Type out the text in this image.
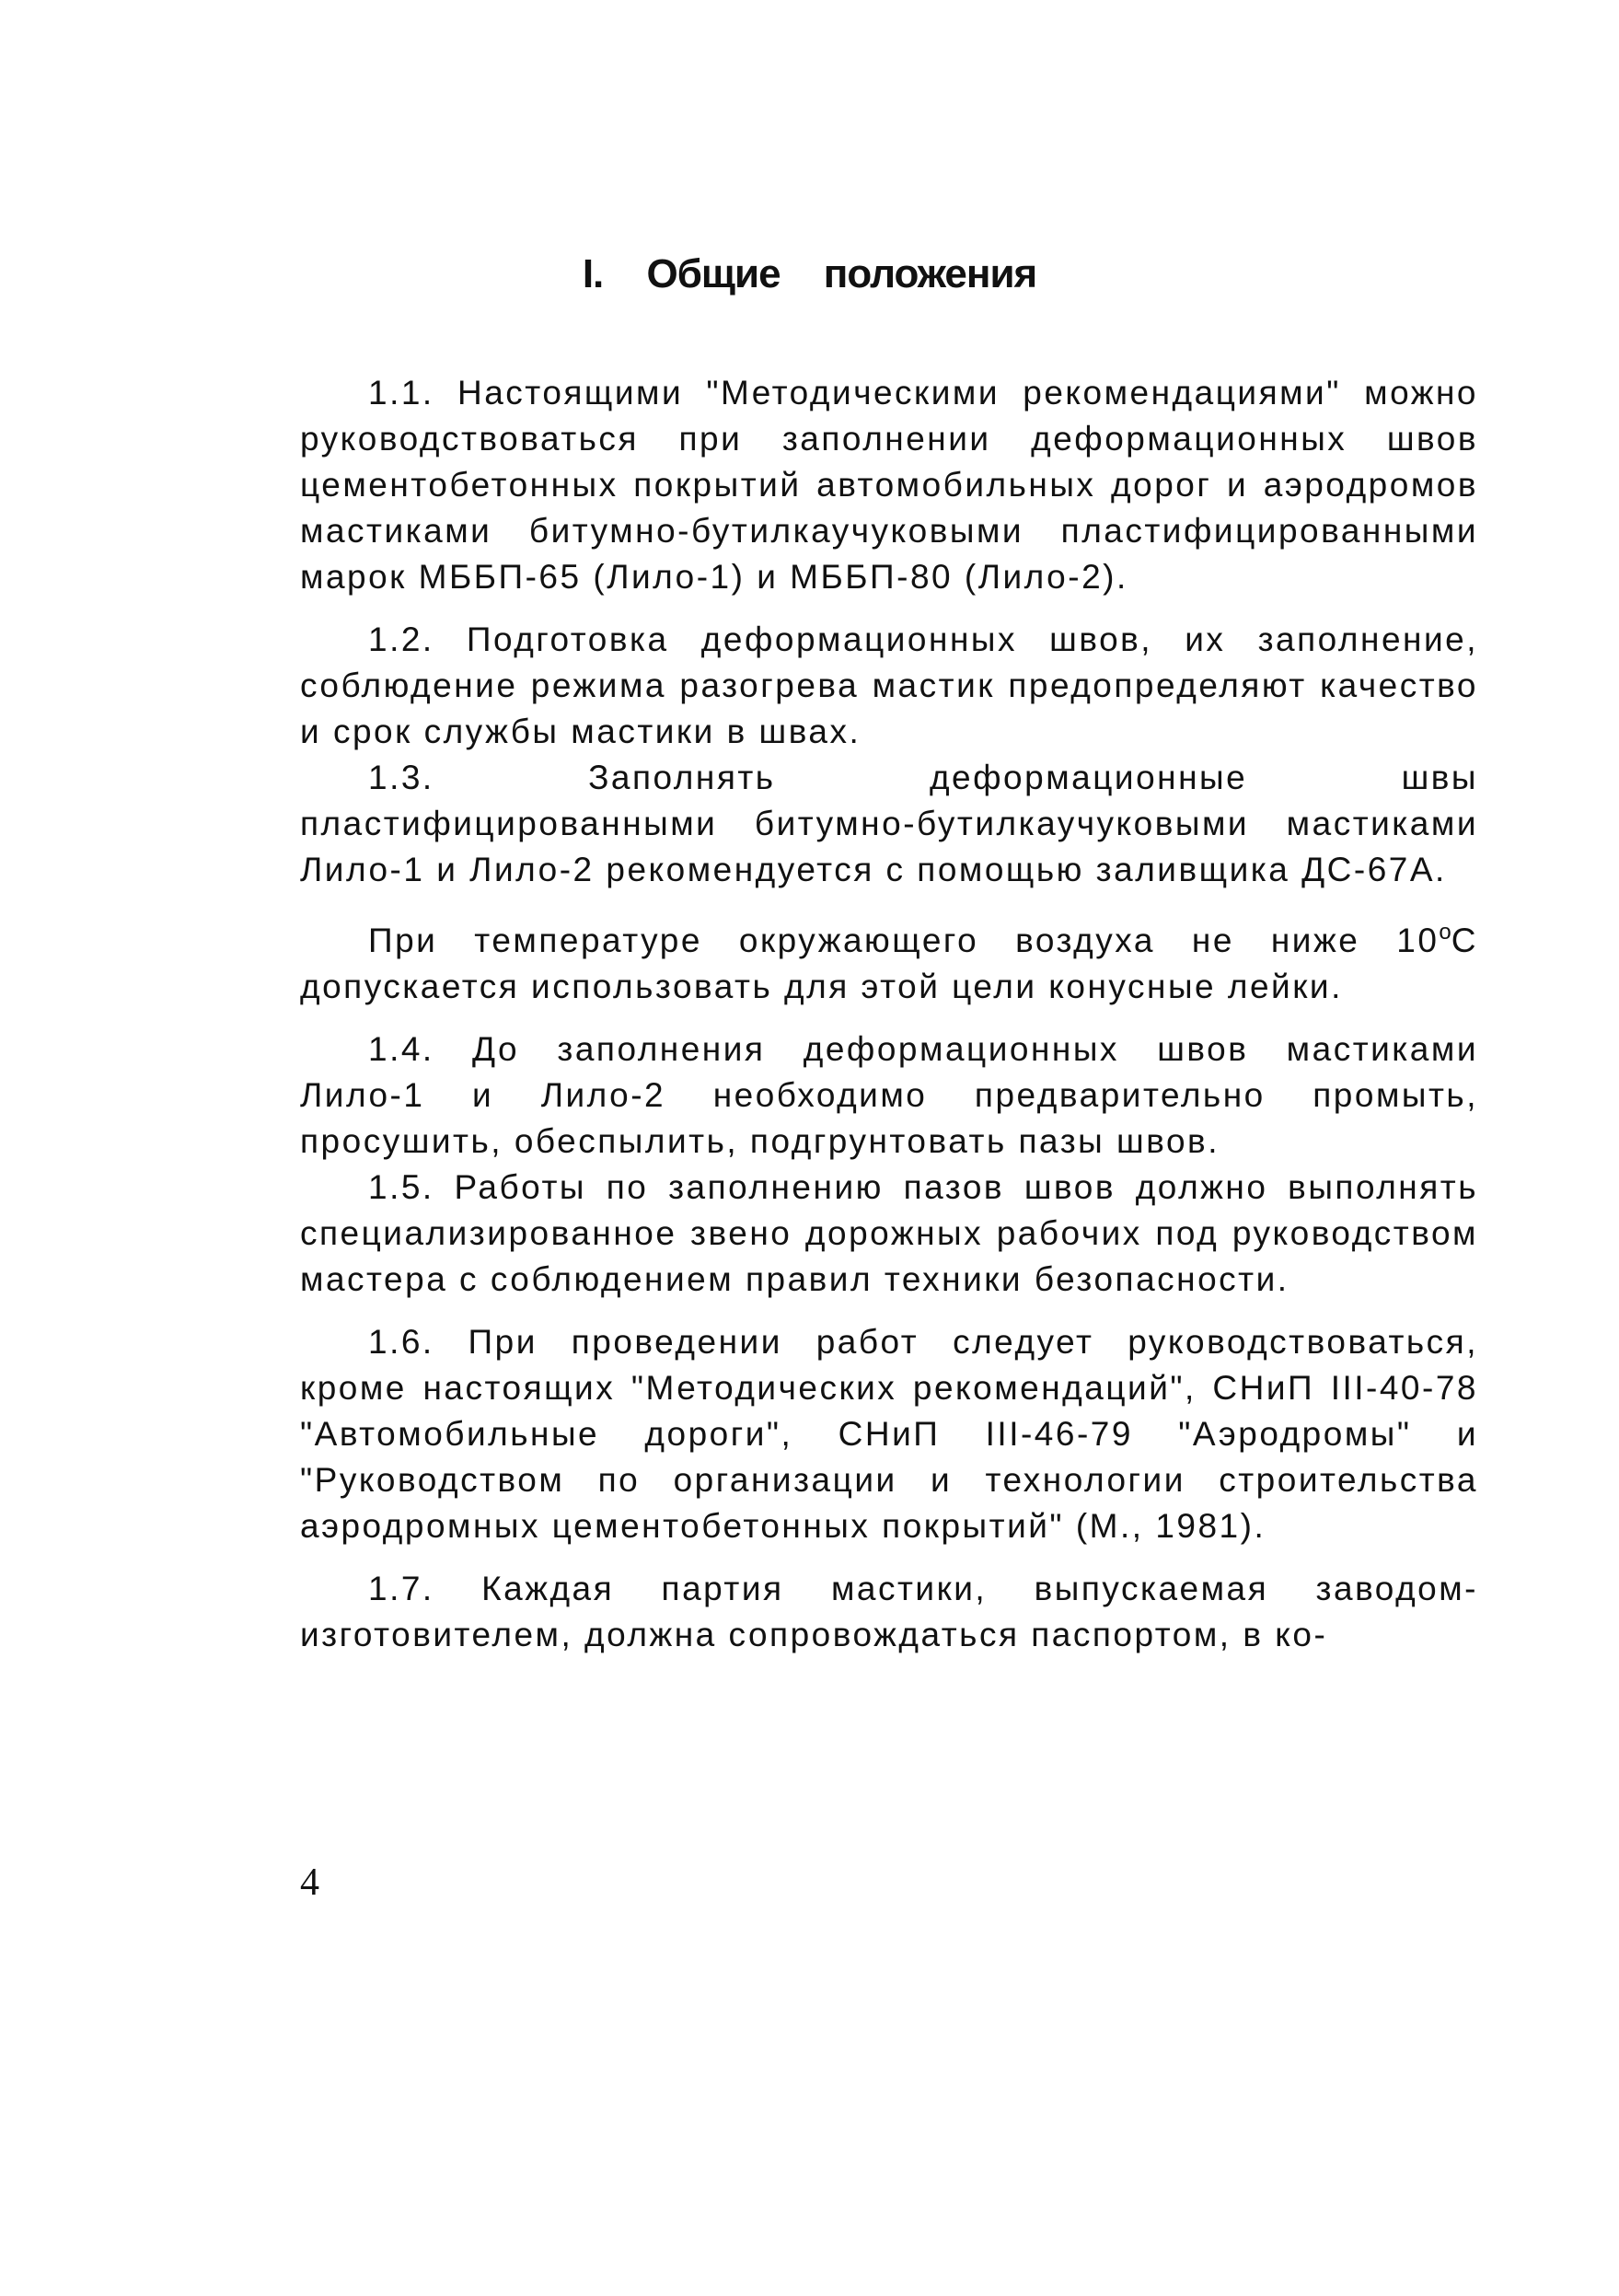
I. Общие положения

1.1. Настоящими "Методическими рекомендациями" можно руководствоваться при заполнении деформационных швов цементобетонных покрытий автомобильных дорог и аэродромов мастиками битумно-бутилкаучуковыми пластифицированными марок МББП-65 (Лило-1) и МББП-80 (Лило-2).

1.2. Подготовка деформационных швов, их заполнение, соблюдение режима разогрева мастик предопределяют качество и срок службы мастики в швах.

1.3. Заполнять деформационные швы пластифицированными битумно-бутилкаучуковыми мастиками Лило-1 и Лило-2 рекомендуется с помощью заливщика ДС-67А.

При температуре окружающего воздуха не ниже 10$^o$С допускается использовать для этой цели конусные лейки.

1.4. До заполнения деформационных швов мастиками Лило-1 и Лило-2 необходимо предварительно промыть, просушить, обеспылить, подгрунтовать пазы швов.

1.5. Работы по заполнению пазов швов должно выполнять специализированное звено дорожных рабочих под руководством мастера с соблюдением правил техники безопасности.

1.6. При проведении работ следует руководствоваться, кроме настоящих "Методических рекомендаций", СНиП III-40-78 "Автомобильные дороги", СНиП III-46-79 "Аэродромы" и "Руководством по организации и технологии строительства аэродромных цементобетонных покрытий" (М., 1981).

1.7. Каждая партия мастики, выпускаемая заводом-изготовителем, должна сопровождаться паспортом, в ко-

4
